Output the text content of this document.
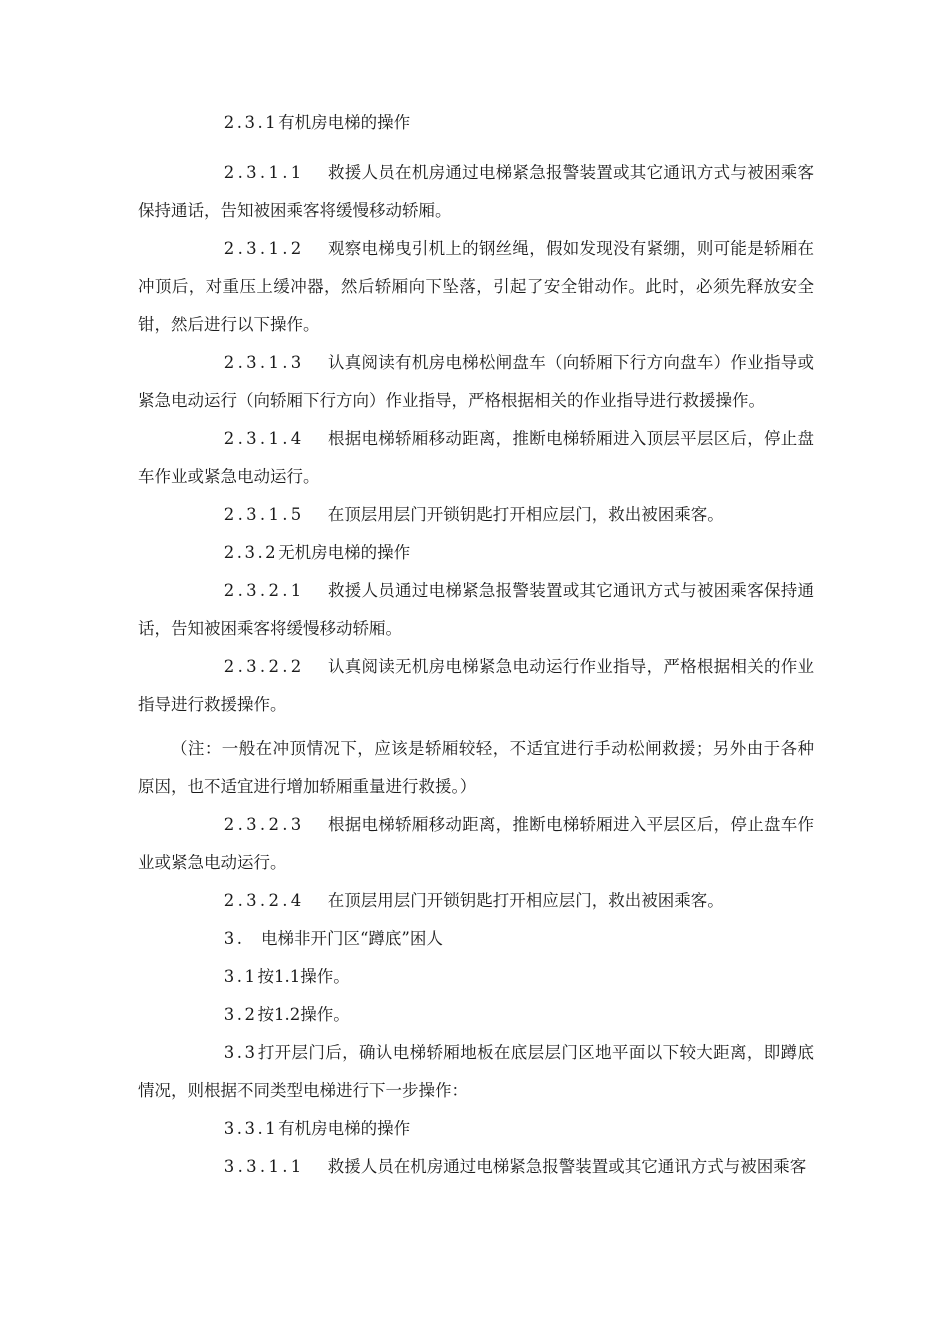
2.3.1有机房电梯的操作

2.3.1.1 救援人员在机房通过电梯紧急报警装置或其它通讯方式与被困乘客保持通话，告知被困乘客将缓慢移动轿厢。

2.3.1.2 观察电梯曳引机上的钢丝绳，假如发现没有紧绷，则可能是轿厢在冲顶后，对重压上缓冲器，然后轿厢向下坠落，引起了安全钳动作。此时，必须先释放安全钳，然后进行以下操作。

2.3.1.3 认真阅读有机房电梯松闸盘车（向轿厢下行方向盘车）作业指导或紧急电动运行（向轿厢下行方向）作业指导，严格根据相关的作业指导进行救援操作。

2.3.1.4 根据电梯轿厢移动距离，推断电梯轿厢进入顶层平层区后，停止盘车作业或紧急电动运行。

2.3.1.5 在顶层用层门开锁钥匙打开相应层门，救出被困乘客。

2.3.2无机房电梯的操作

2.3.2.1 救援人员通过电梯紧急报警装置或其它通讯方式与被困乘客保持通话，告知被困乘客将缓慢移动轿厢。

2.3.2.2 认真阅读无机房电梯紧急电动运行作业指导，严格根据相关的作业指导进行救援操作。

（注：一般在冲顶情况下，应该是轿厢较轻，不适宜进行手动松闸救援；另外由于各种原因，也不适宜进行增加轿厢重量进行救援。）

2.3.2.3 根据电梯轿厢移动距离，推断电梯轿厢进入平层区后，停止盘车作业或紧急电动运行。

2.3.2.4 在顶层用层门开锁钥匙打开相应层门，救出被困乘客。

3. 电梯非开门区“蹲底”困人

3.1按1.1操作。

3.2按1.2操作。

3.3打开层门后，确认电梯轿厢地板在底层层门区地平面以下较大距离，即蹲底情况，则根据不同类型电梯进行下一步操作：

3.3.1有机房电梯的操作

3.3.1.1 救援人员在机房通过电梯紧急报警装置或其它通讯方式与被困乘客
